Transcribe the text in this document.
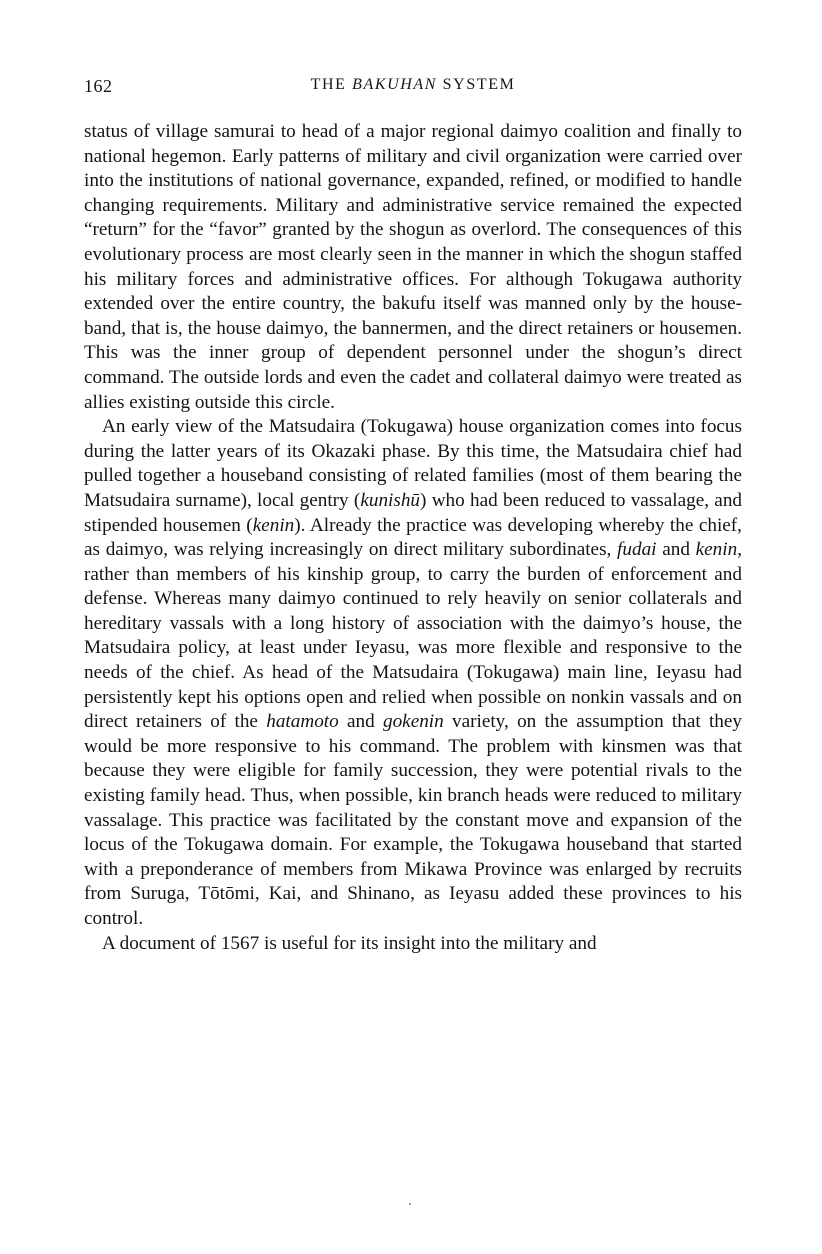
162	THE BAKUHAN SYSTEM

status of village samurai to head of a major regional daimyo coalition and finally to national hegemon. Early patterns of military and civil organization were carried over into the institutions of national governance, expanded, refined, or modified to handle changing requirements. Military and administrative service remained the expected “return” for the “favor” granted by the shogun as overlord. The consequences of this evolutionary process are most clearly seen in the manner in which the shogun staffed his military forces and administrative offices. For although Tokugawa authority extended over the entire country, the bakufu itself was manned only by the houseband, that is, the house daimyo, the bannermen, and the direct retainers or housemen. This was the inner group of dependent personnel under the shogun’s direct command. The outside lords and even the cadet and collateral daimyo were treated as allies existing outside this circle.

An early view of the Matsudaira (Tokugawa) house organization comes into focus during the latter years of its Okazaki phase. By this time, the Matsudaira chief had pulled together a houseband consisting of related families (most of them bearing the Matsudaira surname), local gentry (kunishū) who had been reduced to vassalage, and stipended housemen (kenin). Already the practice was developing whereby the chief, as daimyo, was relying increasingly on direct military subordinates, fudai and kenin, rather than members of his kinship group, to carry the burden of enforcement and defense. Whereas many daimyo continued to rely heavily on senior collaterals and hereditary vassals with a long history of association with the daimyo’s house, the Matsudaira policy, at least under Ieyasu, was more flexible and responsive to the needs of the chief. As head of the Matsudaira (Tokugawa) main line, Ieyasu had persistently kept his options open and relied when possible on nonkin vassals and on direct retainers of the hatamoto and gokenin variety, on the assumption that they would be more responsive to his command. The problem with kinsmen was that because they were eligible for family succession, they were potential rivals to the existing family head. Thus, when possible, kin branch heads were reduced to military vassalage. This practice was facilitated by the constant move and expansion of the locus of the Tokugawa domain. For example, the Tokugawa houseband that started with a preponderance of members from Mikawa Province was enlarged by recruits from Suruga, Tōtōmi, Kai, and Shinano, as Ieyasu added these provinces to his control.

A document of 1567 is useful for its insight into the military and
